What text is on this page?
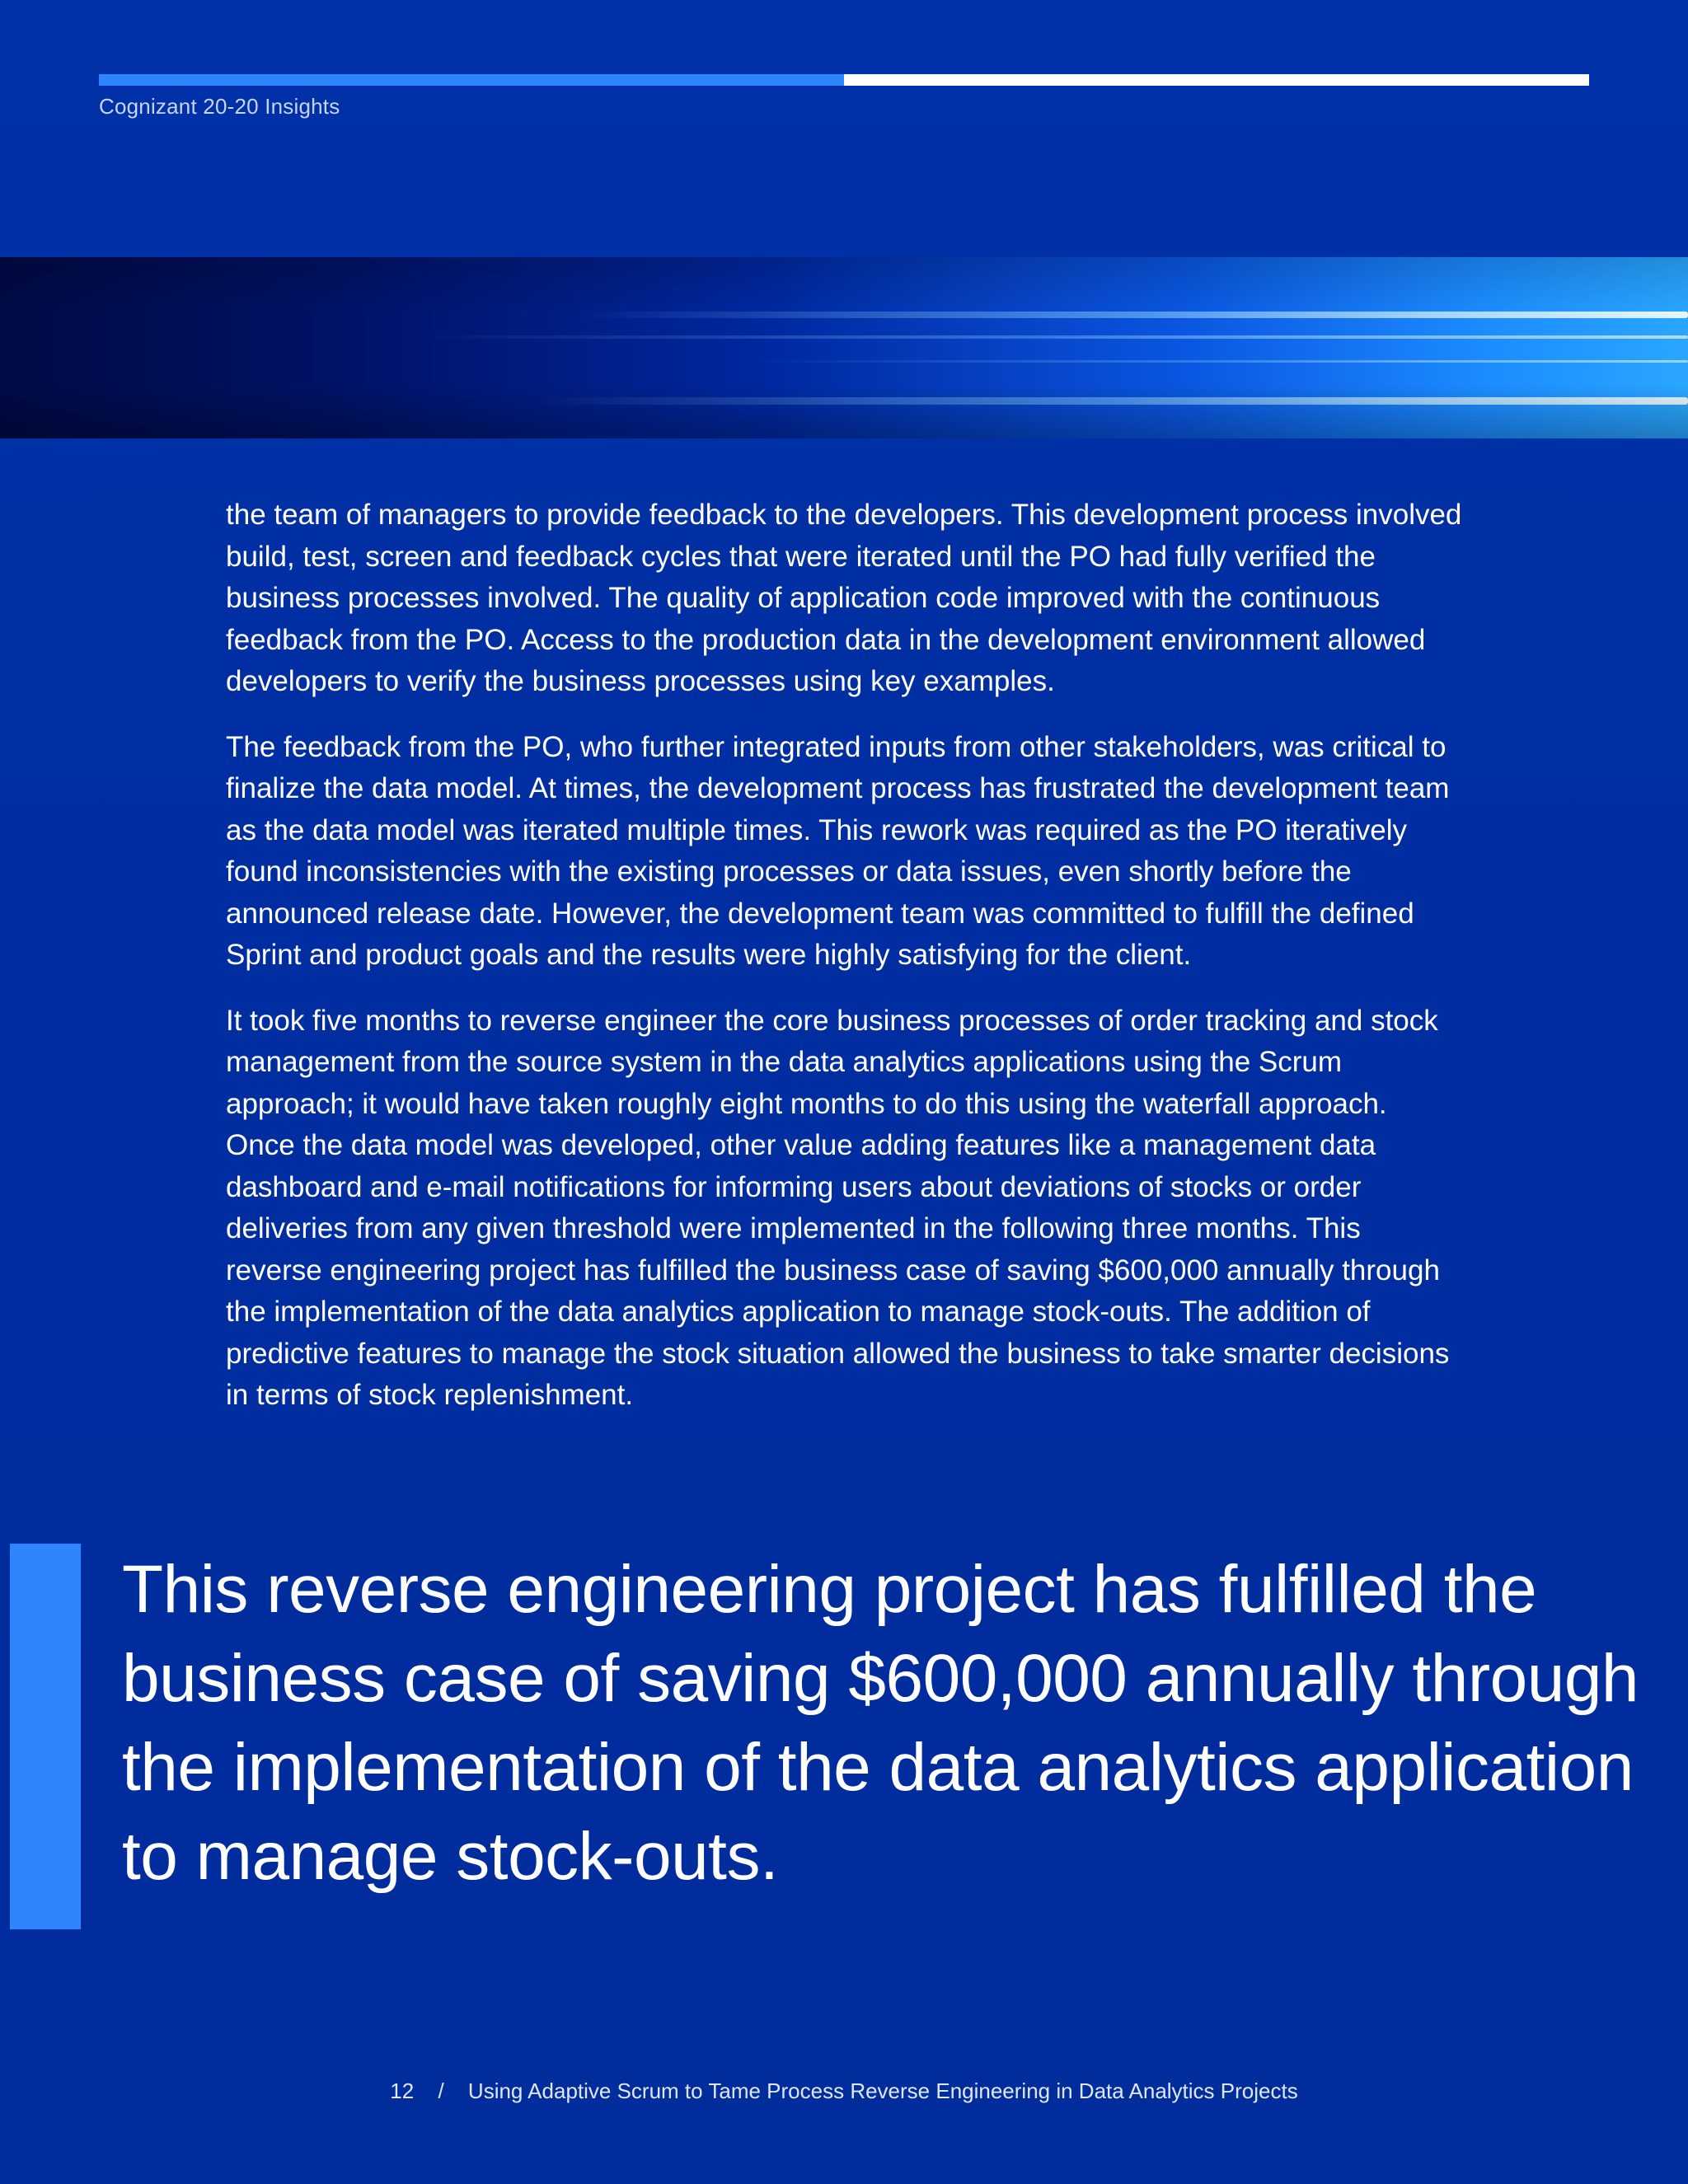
Cognizant 20-20 Insights

the team of managers to provide feedback to the developers. This development process involved build, test, screen and feedback cycles that were iterated until the PO had fully verified the business processes involved. The quality of application code improved with the continuous feedback from the PO. Access to the production data in the development environment allowed developers to verify the business processes using key examples.

The feedback from the PO, who further integrated inputs from other stakeholders, was critical to finalize the data model. At times, the development process has frustrated the development team as the data model was iterated multiple times. This rework was required as the PO iteratively found inconsistencies with the existing processes or data issues, even shortly before the announced release date. However, the development team was committed to fulfill the defined Sprint and product goals and the results were highly satisfying for the client.

It took five months to reverse engineer the core business processes of order tracking and stock management from the source system in the data analytics applications using the Scrum approach; it would have taken roughly eight months to do this using the waterfall approach. Once the data model was developed, other value adding features like a management data dashboard and e-mail notifications for informing users about deviations of stocks or order deliveries from any given threshold were implemented in the following three months. This reverse engineering project has fulfilled the business case of saving $600,000 annually through the implementation of the data analytics application to manage stock-outs. The addition of predictive features to manage the stock situation allowed the business to take smarter decisions in terms of stock replenishment.

This reverse engineering project has fulfilled the business case of saving $600,000 annually through the implementation of the data analytics application to manage stock-outs.
12 / Using Adaptive Scrum to Tame Process Reverse Engineering in Data Analytics Projects
